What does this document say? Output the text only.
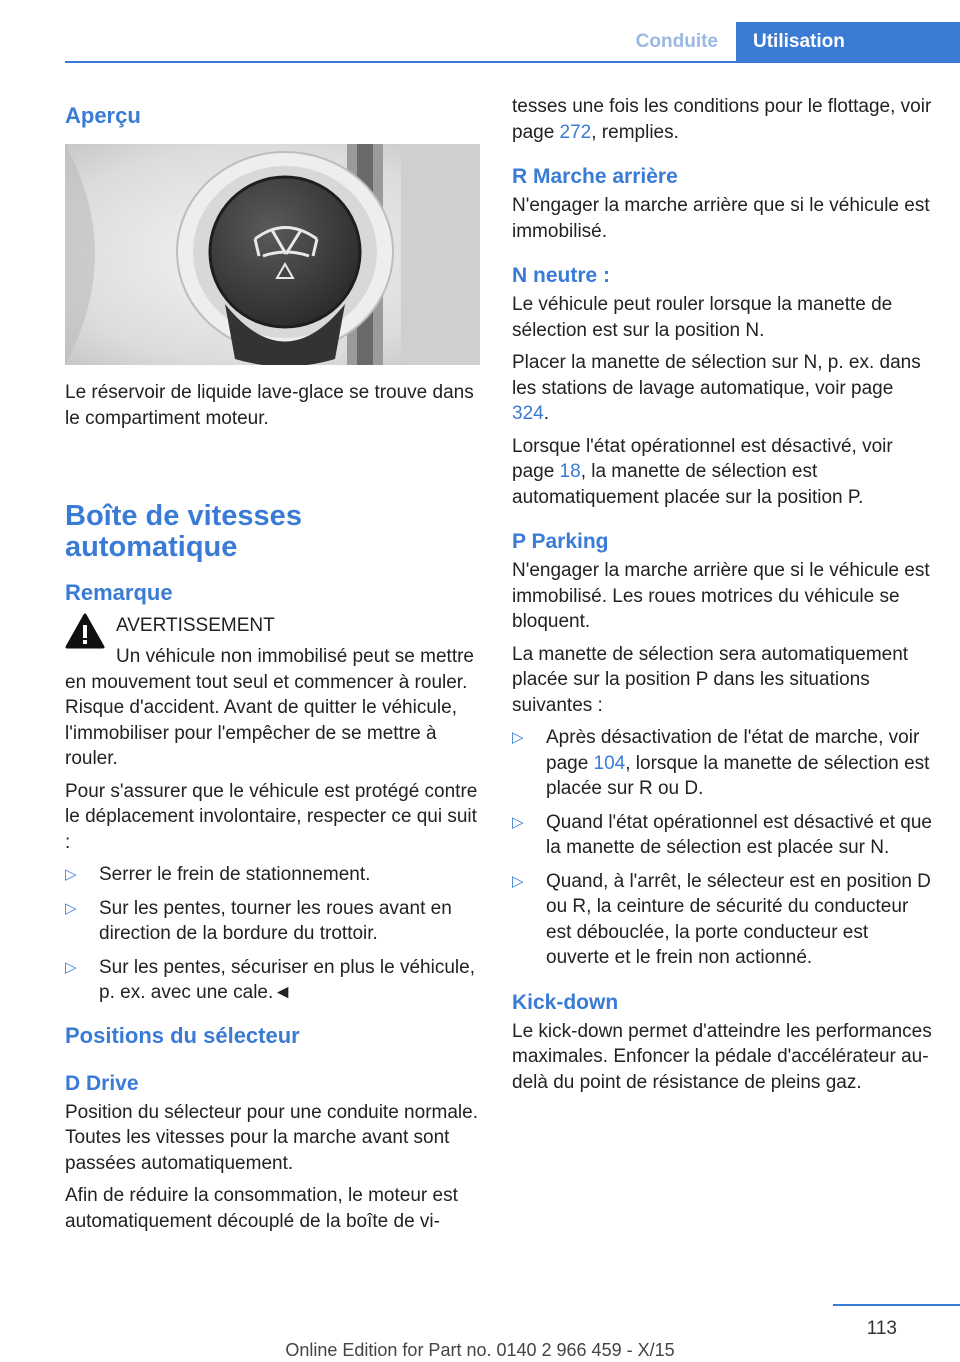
Conduite	Utilisation
Aperçu

Le réservoir de liquide lave-glace se trouve dans le compartiment moteur.

Boîte de vitesses automatique
Remarque
AVERTISSEMENT

Un véhicule non immobilisé peut se mettre en mouvement tout seul et commencer à rouler. Risque d'accident. Avant de quitter le véhicule, l'immobiliser pour l'empêcher de se mettre à rouler.

Pour s'assurer que le véhicule est protégé contre le déplacement involontaire, respecter ce qui suit :

▷ Serrer le frein de stationnement.
▷ Sur les pentes, tourner les roues avant en direction de la bordure du trottoir.
▷ Sur les pentes, sécuriser en plus le véhicule, p. ex. avec une cale.◄
Positions du sélecteur
D Drive

Position du sélecteur pour une conduite normale. Toutes les vitesses pour la marche avant sont passées automatiquement.

Afin de réduire la consommation, le moteur est automatiquement découplé de la boîte de vi-

tesses une fois les conditions pour le flottage, voir page 272, remplies.

R Marche arrière

N'engager la marche arrière que si le véhicule est immobilisé.

N neutre :

Le véhicule peut rouler lorsque la manette de sélection est sur la position N.

Placer la manette de sélection sur N, p. ex. dans les stations de lavage automatique, voir page 324.

Lorsque l'état opérationnel est désactivé, voir page 18, la manette de sélection est automatiquement placée sur la position P.

P Parking

N'engager la marche arrière que si le véhicule est immobilisé. Les roues motrices du véhicule se bloquent.

La manette de sélection sera automatiquement placée sur la position P dans les situations suivantes :

▷ Après désactivation de l'état de marche, voir page 104, lorsque la manette de sélection est placée sur R ou D.
▷ Quand l'état opérationnel est désactivé et que la manette de sélection est placée sur N.
▷ Quand, à l'arrêt, le sélecteur est en position D ou R, la ceinture de sécurité du conducteur est débouclée, la porte conducteur est ouverte et le frein non actionné.
Kick-down

Le kick-down permet d'atteindre les performances maximales. Enfoncer la pédale d'accélérateur au-delà du point de résistance de pleins gaz.

113
Online Edition for Part no. 0140 2 966 459 - X/15
